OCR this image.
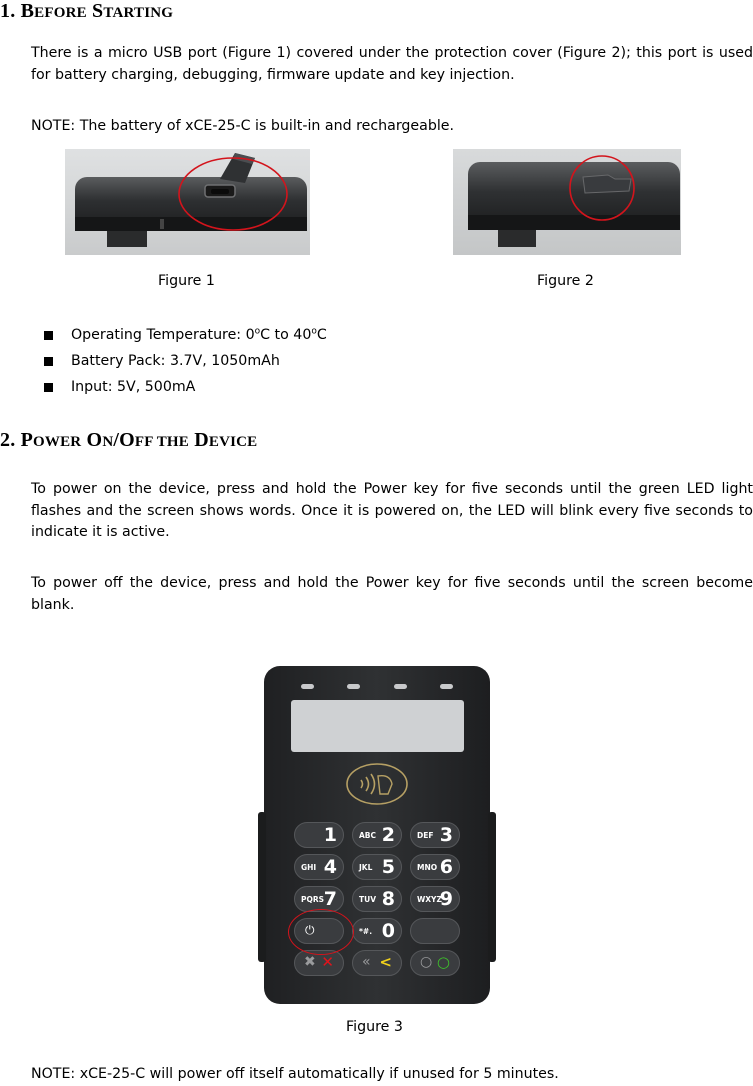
1. BEFORE STARTING

There is a micro USB port (Figure 1) covered under the protection cover (Figure 2); this port is used for battery charging, debugging, firmware update and key injection.

NOTE: The battery of xCE-25-C is built-in and rechargeable.

Figure 1	Figure 2
Operating Temperature: 0$^o$C to 40$^o$C
Battery Pack: 3.7V, 1050mAh
Input: 5V, 500mA
2. POWER ON/OFF THE DEVICE

To power on the device, press and hold the Power key for five seconds until the green LED light flashes and the screen shows words. Once it is powered on, the LED will blink every five seconds to indicate it is active.

To power off the device, press and hold the Power key for five seconds until the screen become blank.

1	ABC 2	DEF 3
GHI 4	JKL 5	MNO 6
PQRS 7	TUV 8	WXYZ
9
⏻	*#. 0
✖ ✕ « < ○ ○
Figure 3

NOTE: xCE-25-C will power off itself automatically if unused for 5 minutes.
